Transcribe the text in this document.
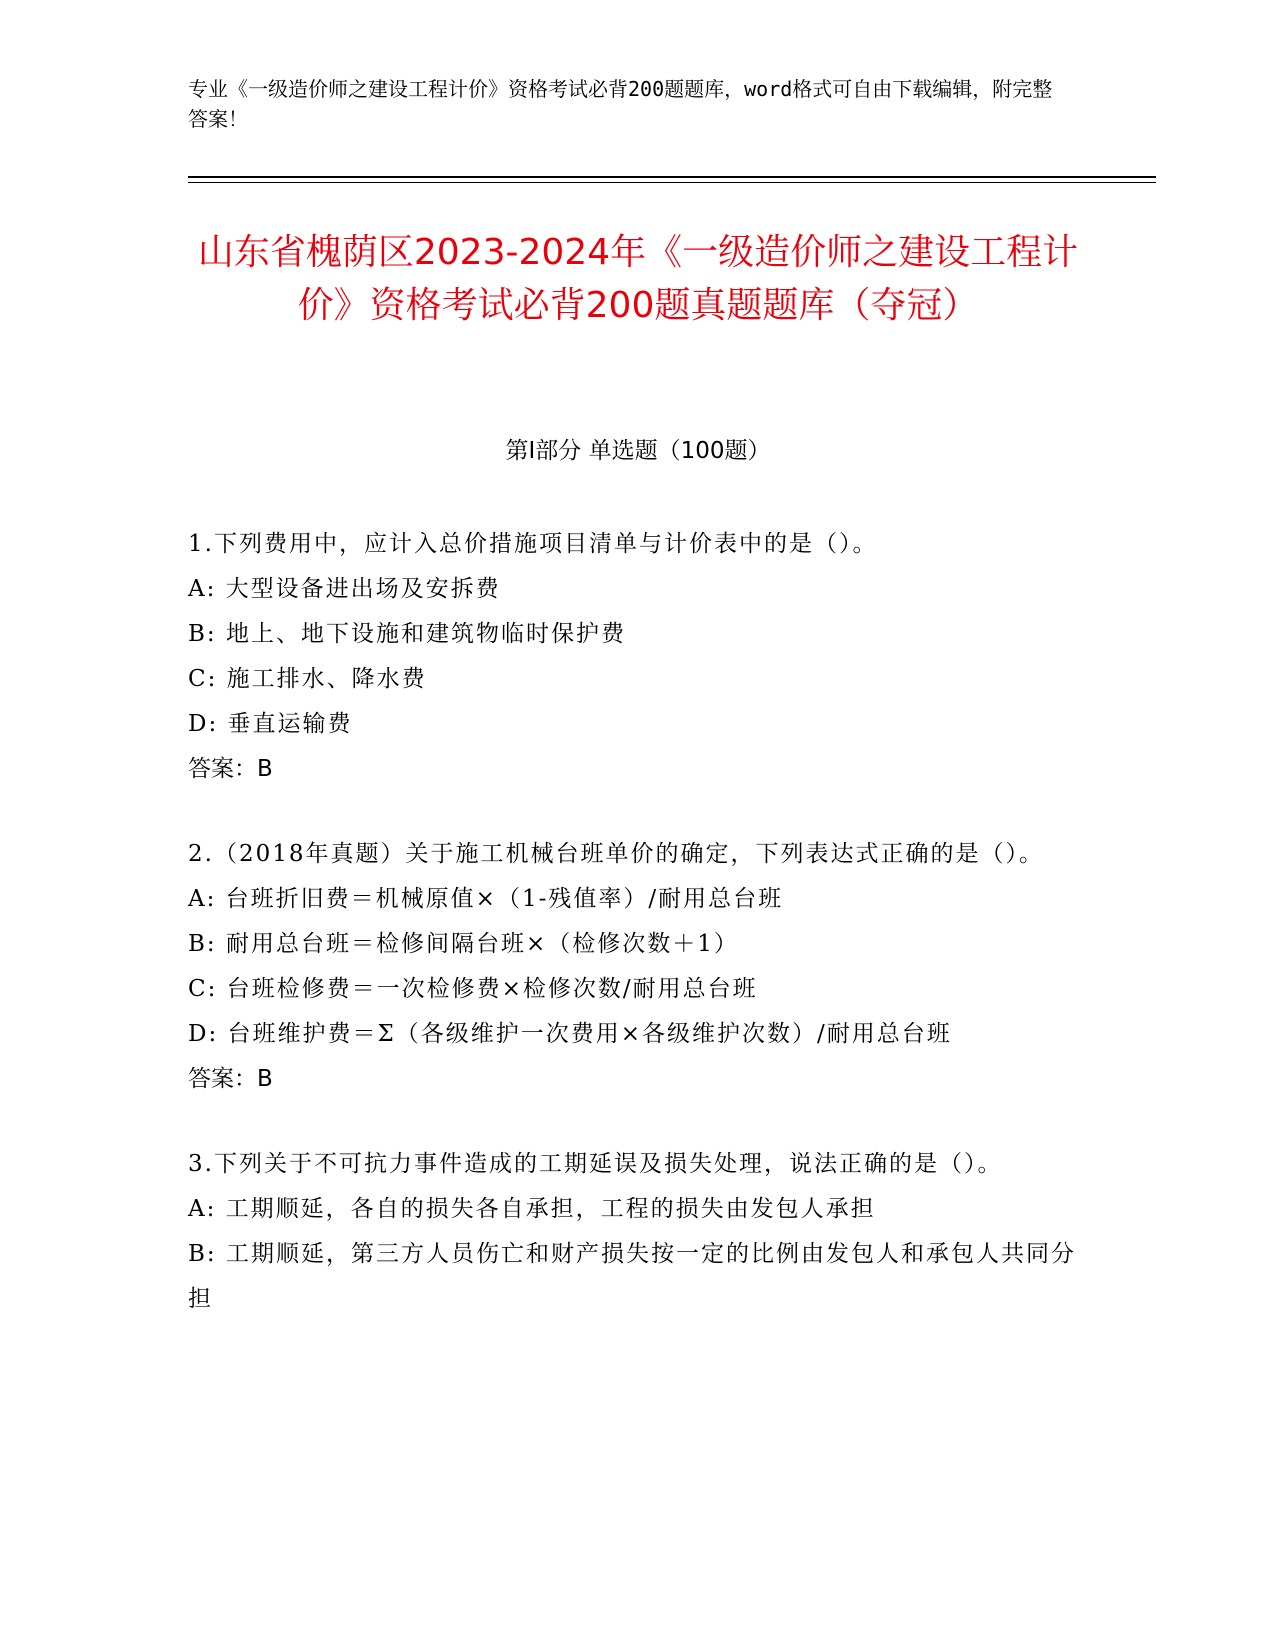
专业《一级造价师之建设工程计价》资格考试必背200题题库，word格式可自由下载编辑，附完整答案！
山东省槐荫区2023-2024年《一级造价师之建设工程计价》资格考试必背200题真题题库（夺冠）
第I部分 单选题（100题）
1.下列费用中，应计入总价措施项目清单与计价表中的是（）。
A: 大型设备进出场及安拆费
B: 地上、地下设施和建筑物临时保护费
C: 施工排水、降水费
D: 垂直运输费
答案：B
2.（2018年真题）关于施工机械台班单价的确定，下列表达式正确的是（）。
A: 台班折旧费＝机械原值×（1-残值率）/耐用总台班
B: 耐用总台班＝检修间隔台班×（检修次数＋1）
C: 台班检修费＝一次检修费×检修次数/耐用总台班
D: 台班维护费＝Σ（各级维护一次费用×各级维护次数）/耐用总台班
答案：B
3.下列关于不可抗力事件造成的工期延误及损失处理，说法正确的是（）。
A: 工期顺延，各自的损失各自承担，工程的损失由发包人承担
B: 工期顺延，第三方人员伤亡和财产损失按一定的比例由发包人和承包人共同分担
